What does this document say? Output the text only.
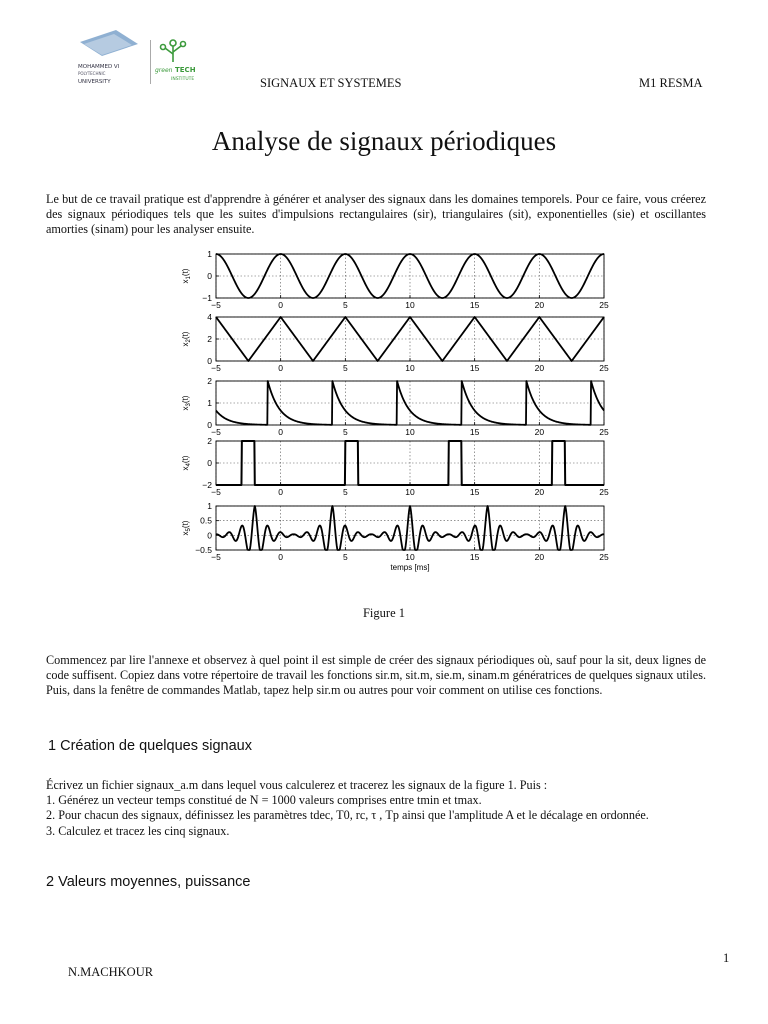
MOHAMMED VI
POLYTECHNIC
UNIVERSITY
green TECH
INSTITUTE	SIGNAUX ET SYSTEMES	M1 RESMA
Analyse de signaux périodiques
Le but de ce travail pratique est d'apprendre à générer et analyser des signaux dans les domaines temporels. Pour ce faire, vous créerez des signaux périodiques tels que les suites d'impulsions rectangulaires (sir), triangulaires (sit), exponentielles (sie) et oscillantes amorties (sinam) pour les analyser ensuite.
−1
0
1
−5	0	5	10	15	20	25
$x_1(t)$
0
2
4
−5	0	5	10	15	20	25
$x_2(t)$
0
1
2
−5	0	5	10	15	20	25
$x_3(t)$
−2
0
2
−5	0	5	10	15	20	25
$x_4(t)$
−0.5
0
0.5
1
−5	0	5	10	15	20	25
$x_5(t)$
temps [ms]
Figure 1
Commencez par lire l'annexe et observez à quel point il est simple de créer des signaux périodiques où, sauf pour la sit, deux lignes de code suffisent. Copiez dans votre répertoire de travail les fonctions sir.m, sit.m, sie.m, sinam.m génératrices de quelques signaux utiles. Puis, dans la fenêtre de commandes Matlab, tapez help sir.m ou autres pour voir comment on utilise ces fonctions.
1 Création de quelques signaux

Écrivez un fichier signaux_a.m dans lequel vous calculerez et tracerez les signaux de la figure 1. Puis :

1. Générez un vecteur temps constitué de N = 1000 valeurs comprises entre tmin et tmax.

2. Pour chacun des signaux, définissez les paramètres tdec, T0, rc, τ , Tp ainsi que l'amplitude A et le décalage en ordonnée.

3. Calculez et tracez les cinq signaux.

2 Valeurs moyennes, puissance
1
N.MACHKOUR
